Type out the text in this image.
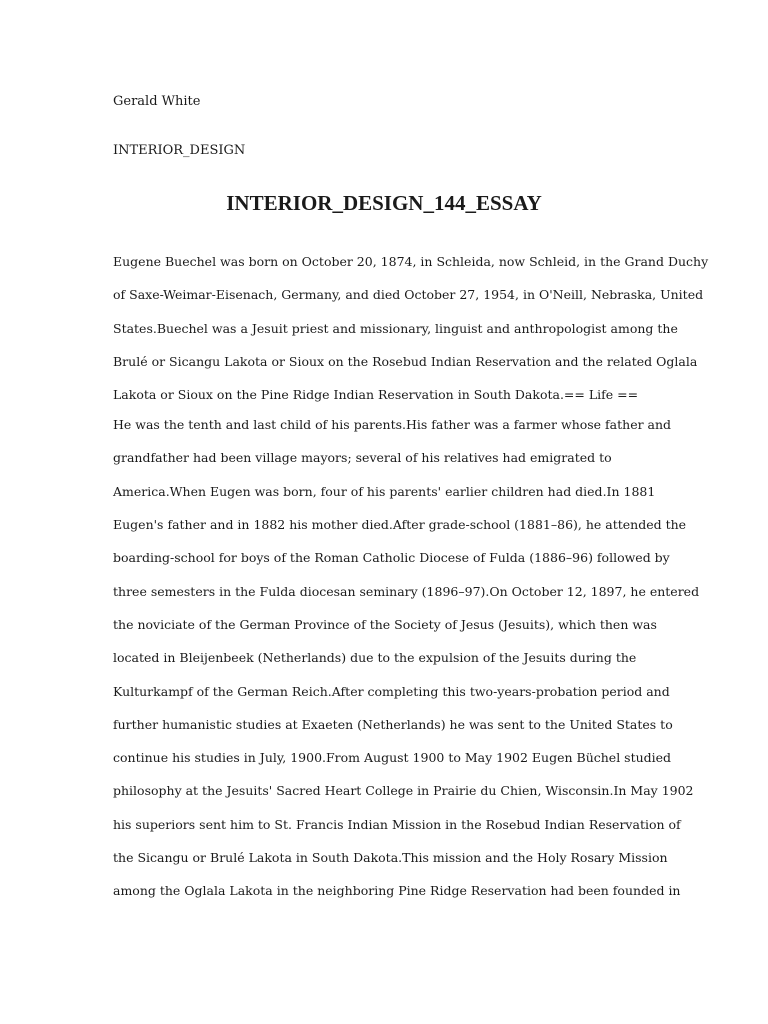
Gerald White
INTERIOR_DESIGN
INTERIOR_DESIGN_144_ESSAY
Eugene Buechel was born on October 20, 1874, in Schleida, now Schleid, in the Grand Duchy
of Saxe-Weimar-Eisenach, Germany, and died October 27, 1954, in O'Neill, Nebraska, United
States.Buechel was a Jesuit priest and missionary, linguist and anthropologist among the
Brulé or Sicangu Lakota or Sioux on the Rosebud Indian Reservation and the related Oglala
Lakota or Sioux on the Pine Ridge Indian Reservation in South Dakota.== Life ==
He was the tenth and last child of his parents.His father was a farmer whose father and
grandfather had been village mayors; several of his relatives had emigrated to
America.When Eugen was born, four of his parents' earlier children had died.In 1881
Eugen's father and in 1882 his mother died.After grade-school (1881–86), he attended the
boarding-school for boys of the Roman Catholic Diocese of Fulda (1886–96) followed by
three semesters in the Fulda diocesan seminary (1896–97).On October 12, 1897, he entered
the noviciate of the German Province of the Society of Jesus (Jesuits), which then was
located in Bleijenbeek (Netherlands) due to the expulsion of the Jesuits during the
Kulturkampf of the German Reich.After completing this two-years-probation period and
further humanistic studies at Exaeten (Netherlands) he was sent to the United States to
continue his studies in July, 1900.From August 1900 to May 1902 Eugen Büchel studied
philosophy at the Jesuits' Sacred Heart College in Prairie du Chien, Wisconsin.In May 1902
his superiors sent him to St. Francis Indian Mission in the Rosebud Indian Reservation of
the Sicangu or Brulé Lakota in South Dakota.This mission and the Holy Rosary Mission
among the Oglala Lakota in the neighboring Pine Ridge Reservation had been founded in
